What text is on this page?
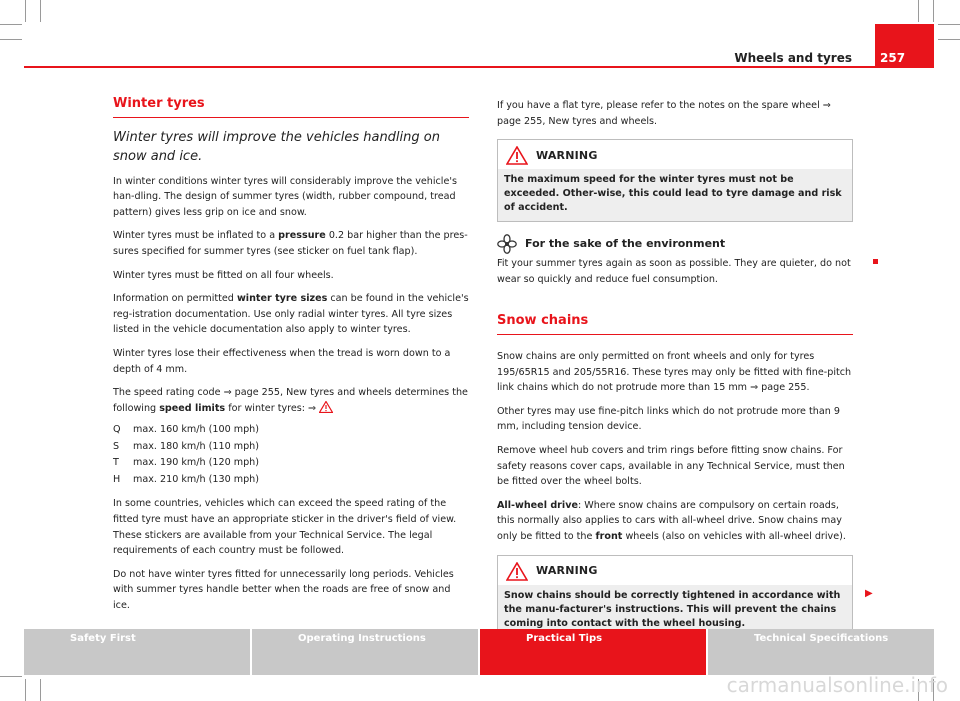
Wheels and tyres 257
Winter tyres

Winter tyres will improve the vehicles handling on snow and ice.

In winter conditions winter tyres will considerably improve the vehicle's han-dling. The design of summer tyres (width, rubber compound, tread pattern) gives less grip on ice and snow.

Winter tyres must be inflated to a pressure 0.2 bar higher than the pres-sures specified for summer tyres (see sticker on fuel tank flap).

Winter tyres must be fitted on all four wheels.

Information on permitted winter tyre sizes can be found in the vehicle's reg-istration documentation. Use only radial winter tyres. All tyre sizes listed in the vehicle documentation also apply to winter tyres.

Winter tyres lose their effectiveness when the tread is worn down to a depth of 4 mm.

The speed rating code ⇒ page 255, New tyres and wheels determines the following speed limits for winter tyres: ⇒

Q	max. 160 km/h (100 mph)
S	max. 180 km/h (110 mph)
T	max. 190 km/h (120 mph)
H	max. 210 km/h (130 mph)

In some countries, vehicles which can exceed the speed rating of the fitted tyre must have an appropriate sticker in the driver's field of view. These stickers are available from your Technical Service. The legal requirements of each country must be followed.

Do not have winter tyres fitted for unnecessarily long periods. Vehicles with summer tyres handle better when the roads are free of snow and ice.

If you have a flat tyre, please refer to the notes on the spare wheel ⇒ page 255, New tyres and wheels.

WARNING
The maximum speed for the winter tyres must not be exceeded. Other-wise, this could lead to tyre damage and risk of accident.
For the sake of the environment

Fit your summer tyres again as soon as possible. They are quieter, do not wear so quickly and reduce fuel consumption.

Snow chains

Snow chains are only permitted on front wheels and only for tyres 195/65R15 and 205/55R16. These tyres may only be fitted with fine-pitch link chains which do not protrude more than 15 mm ⇒ page 255.

Other tyres may use fine-pitch links which do not protrude more than 9 mm, including tension device.

Remove wheel hub covers and trim rings before fitting snow chains. For safety reasons cover caps, available in any Technical Service, must then be fitted over the wheel bolts.

All-wheel drive: Where snow chains are compulsory on certain roads, this normally also applies to cars with all-wheel drive. Snow chains may only be fitted to the front wheels (also on vehicles with all-wheel drive).

WARNING
Snow chains should be correctly tightened in accordance with the manu-facturer's instructions. This will prevent the chains coming into contact with the wheel housing.
▶
Safety First	Operating Instructions	Practical Tips	Technical Specifications
carmanualsonline.info
